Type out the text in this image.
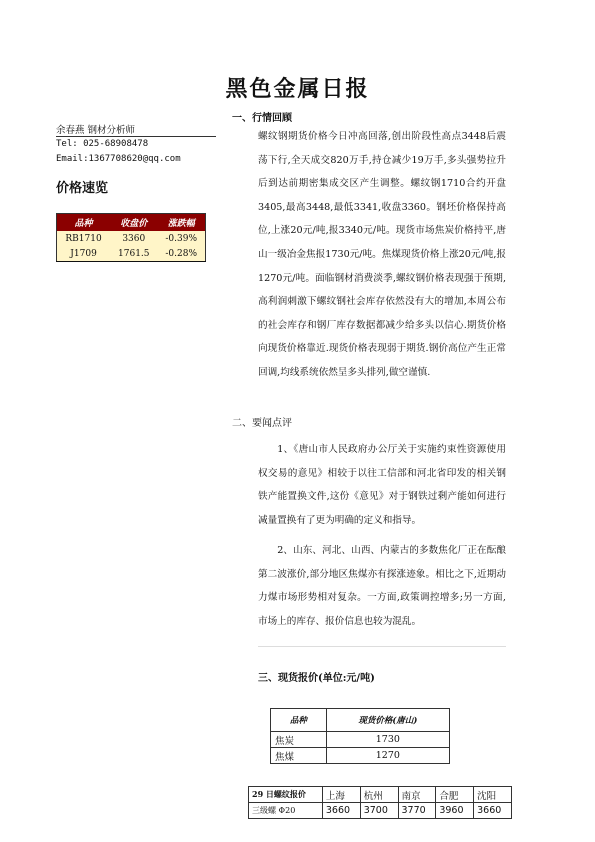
黑色金属日报
余春燕 钢材分析师
Tel: 025-68908478
Email:1367708620@qq.com
价格速览
品种	收盘价	涨跌幅
RB1710	3360	-0.39%
J1709	1761.5	-0.28%
一、行情回顾
螺纹钢期货价格今日冲高回落,创出阶段性高点3448后震荡下行,全天成交820万手,持仓减少19万手,多头强势拉升后到达前期密集成交区产生调整。螺纹钢1710合约开盘3405,最高3448,最低3341,收盘3360。钢坯价格保持高位,上涨20元/吨,报3340元/吨。现货市场焦炭价格持平,唐山一级冶金焦报1730元/吨。焦煤现货价格上涨20元/吨,报1270元/吨。面临钢材消费淡季,螺纹钢价格表现强于预期,高利润刺激下螺纹钢社会库存依然没有大的增加,本周公布的社会库存和钢厂库存数据都减少给多头以信心.期货价格向现货价格靠近.现货价格表现弱于期货.钢价高位产生正常回调,均线系统依然呈多头排列,做空谨慎.
二、要闻点评
1、《唐山市人民政府办公厅关于实施约束性资源使用权交易的意见》相较于以往工信部和河北省印发的相关钢铁产能置换文件,这份《意见》对于钢铁过剩产能如何进行减量置换有了更为明确的定义和指导。
2、山东、河北、山西、内蒙古的多数焦化厂正在酝酿第二波涨价,部分地区焦煤亦有探涨迹象。相比之下,近期动力煤市场形势相对复杂。一方面,政策调控增多;另一方面,市场上的库存、报价信息也较为混乱。
三、现货报价(单位:元/吨)
品种	现货价格(唐山)
焦炭	1730
焦煤	1270
29 日螺纹报价	上海	杭州	南京	合肥	沈阳
三级螺 Φ20	3660	3700	3770	3960	3660
